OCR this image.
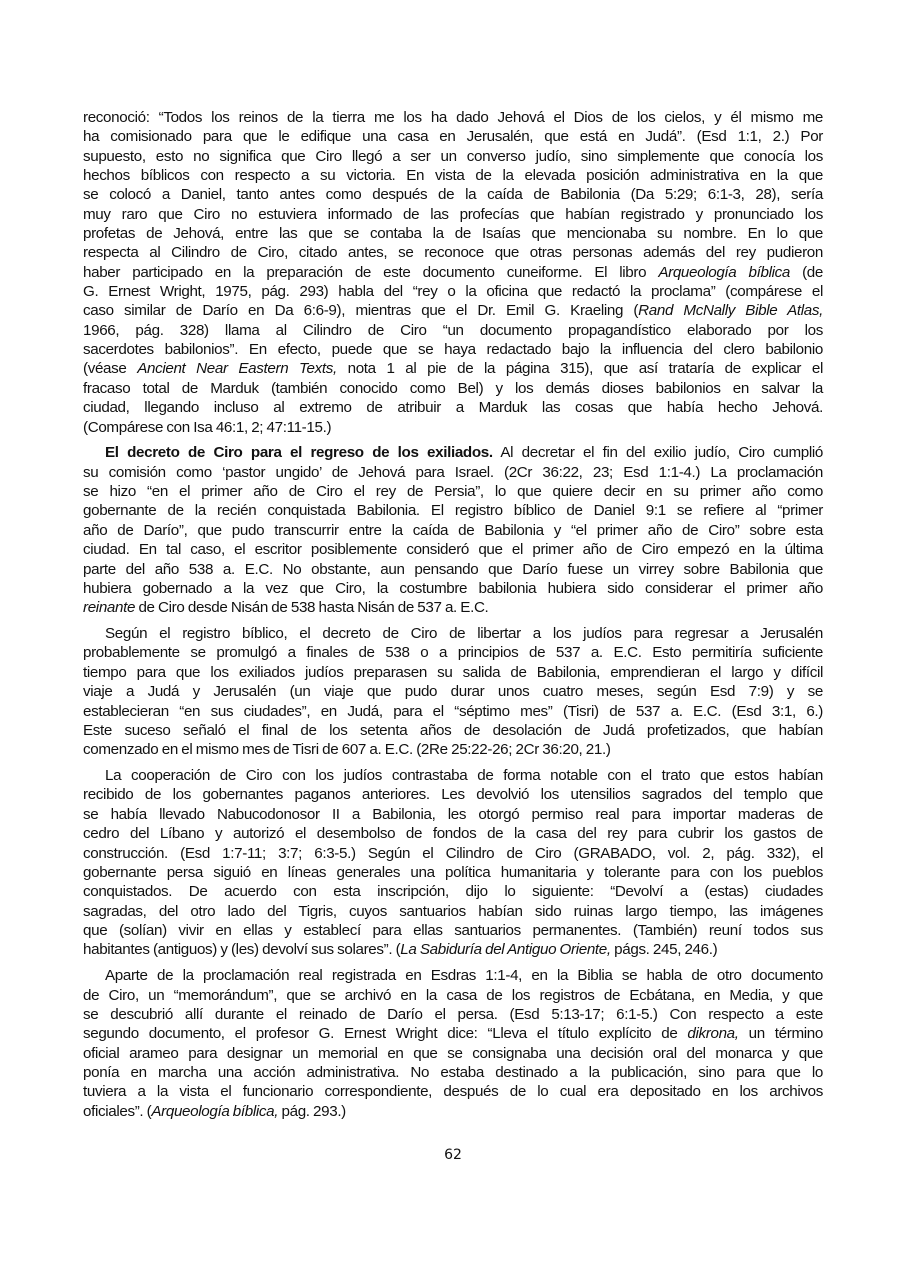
reconoció: “Todos los reinos de la tierra me los ha dado Jehová el Dios de los cielos, y él mismo me
ha comisionado para que le edifique una casa en Jerusalén, que está en Judá”. (Esd 1:1, 2.) Por
supuesto, esto no significa que Ciro llegó a ser un converso judío, sino simplemente que conocía los
hechos bíblicos con respecto a su victoria. En vista de la elevada posición administrativa en la que
se colocó a Daniel, tanto antes como después de la caída de Babilonia (Da 5:29; 6:1-3, 28), sería
muy raro que Ciro no estuviera informado de las profecías que habían registrado y pronunciado los
profetas de Jehová, entre las que se contaba la de Isaías que mencionaba su nombre. En lo que
respecta al Cilindro de Ciro, citado antes, se reconoce que otras personas además del rey pudieron
haber participado en la preparación de este documento cuneiforme. El libro Arqueología bíblica (de
G. Ernest Wright, 1975, pág. 293) habla del “rey o la oficina que redactó la proclama” (compárese el
caso similar de Darío en Da 6:6-9), mientras que el Dr. Emil G. Kraeling (Rand McNally Bible Atlas,
1966, pág. 328) llama al Cilindro de Ciro “un documento propagandístico elaborado por los
sacerdotes babilonios”. En efecto, puede que se haya redactado bajo la influencia del clero babilonio
(véase Ancient Near Eastern Texts, nota 1 al pie de la página 315), que así trataría de explicar el
fracaso total de Marduk (también conocido como Bel) y los demás dioses babilonios en salvar la
ciudad, llegando incluso al extremo de atribuir a Marduk las cosas que había hecho Jehová.
(Compárese con Isa 46:1, 2; 47:11-15.)
El decreto de Ciro para el regreso de los exiliados. Al decretar el fin del exilio judío, Ciro cumplió
su comisión como ‘pastor ungido’ de Jehová para Israel. (2Cr 36:22, 23; Esd 1:1-4.) La proclamación
se hizo “en el primer año de Ciro el rey de Persia”, lo que quiere decir en su primer año como
gobernante de la recién conquistada Babilonia. El registro bíblico de Daniel 9:1 se refiere al “primer
año de Darío”, que pudo transcurrir entre la caída de Babilonia y “el primer año de Ciro” sobre esta
ciudad. En tal caso, el escritor posiblemente consideró que el primer año de Ciro empezó en la última
parte del año 538 a. E.C. No obstante, aun pensando que Darío fuese un virrey sobre Babilonia que
hubiera gobernado a la vez que Ciro, la costumbre babilonia hubiera sido considerar el primer año
reinante de Ciro desde Nisán de 538 hasta Nisán de 537 a. E.C.
Según el registro bíblico, el decreto de Ciro de libertar a los judíos para regresar a Jerusalén
probablemente se promulgó a finales de 538 o a principios de 537 a. E.C. Esto permitiría suficiente
tiempo para que los exiliados judíos preparasen su salida de Babilonia, emprendieran el largo y difícil
viaje a Judá y Jerusalén (un viaje que pudo durar unos cuatro meses, según Esd 7:9) y se
establecieran “en sus ciudades”, en Judá, para el “séptimo mes” (Tisri) de 537 a. E.C. (Esd 3:1, 6.)
Este suceso señaló el final de los setenta años de desolación de Judá profetizados, que habían
comenzado en el mismo mes de Tisri de 607 a. E.C. (2Re 25:22-26; 2Cr 36:20, 21.)
La cooperación de Ciro con los judíos contrastaba de forma notable con el trato que estos habían
recibido de los gobernantes paganos anteriores. Les devolvió los utensilios sagrados del templo que
se había llevado Nabucodonosor II a Babilonia, les otorgó permiso real para importar maderas de
cedro del Líbano y autorizó el desembolso de fondos de la casa del rey para cubrir los gastos de
construcción. (Esd 1:7-11; 3:7; 6:3-5.) Según el Cilindro de Ciro (GRABADO, vol. 2, pág. 332), el
gobernante persa siguió en líneas generales una política humanitaria y tolerante para con los pueblos
conquistados. De acuerdo con esta inscripción, dijo lo siguiente: “Devolví a (estas) ciudades
sagradas, del otro lado del Tigris, cuyos santuarios habían sido ruinas largo tiempo, las imágenes
que (solían) vivir en ellas y establecí para ellas santuarios permanentes. (También) reuní todos sus
habitantes (antiguos) y (les) devolví sus solares”. (La Sabiduría del Antiguo Oriente, págs. 245, 246.)
Aparte de la proclamación real registrada en Esdras 1:1-4, en la Biblia se habla de otro documento
de Ciro, un “memorándum”, que se archivó en la casa de los registros de Ecbátana, en Media, y que
se descubrió allí durante el reinado de Darío el persa. (Esd 5:13-17; 6:1-5.) Con respecto a este
segundo documento, el profesor G. Ernest Wright dice: “Lleva el título explícito de dikrona, un término
oficial arameo para designar un memorial en que se consignaba una decisión oral del monarca y que
ponía en marcha una acción administrativa. No estaba destinado a la publicación, sino para que lo
tuviera a la vista el funcionario correspondiente, después de lo cual era depositado en los archivos
oficiales”. (Arqueología bíblica, pág. 293.)
62
